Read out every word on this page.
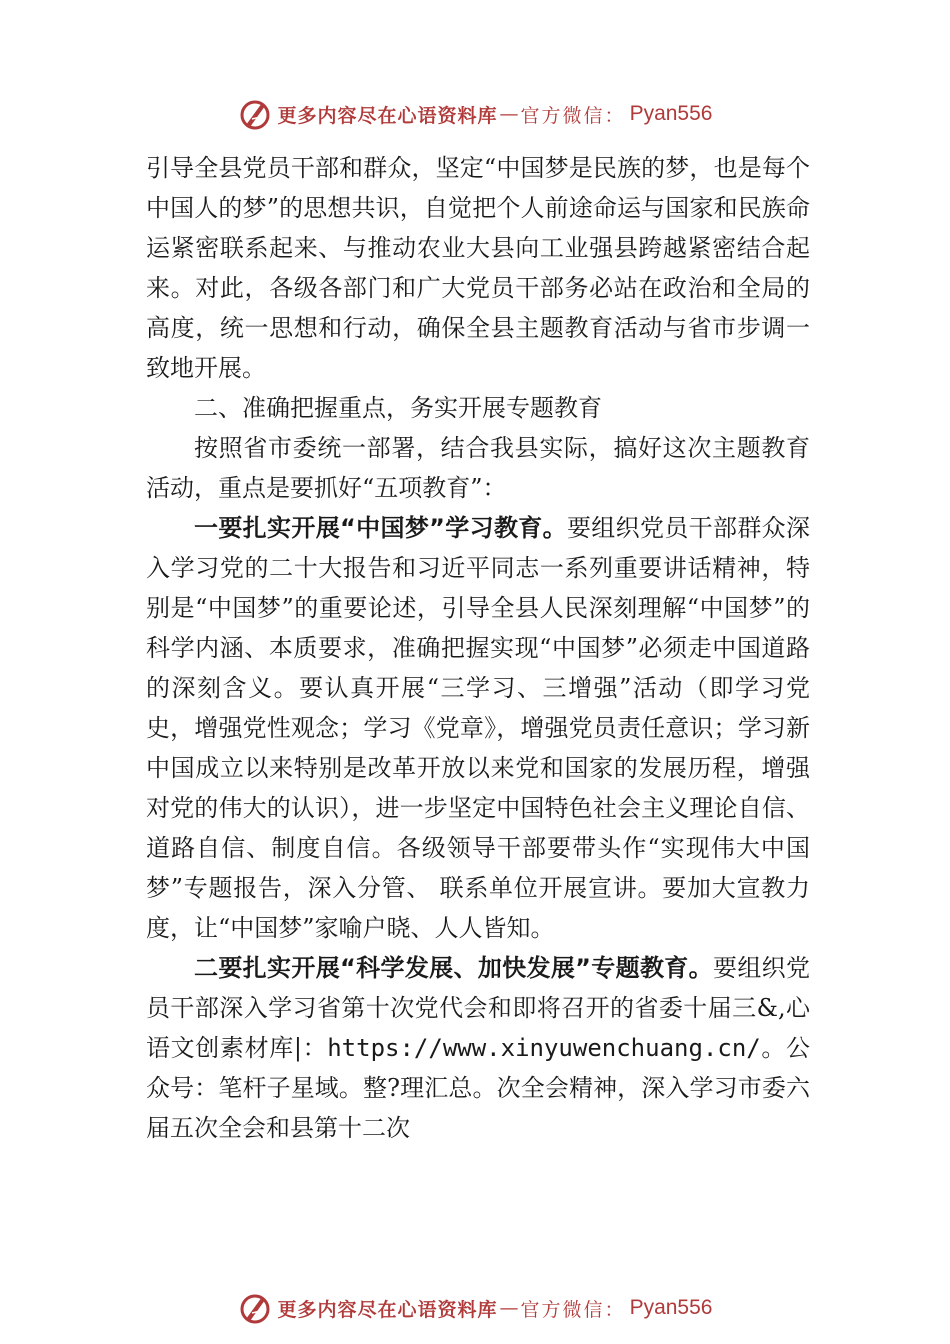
更多内容尽在心语资料库 — 官方微信： Pyan556

引导全县党员干部和群众，坚定“中国梦是民族的梦，也是每个中国人的梦”的思想共识，自觉把个人前途命运与国家和民族命运紧密联系起来、与推动农业大县向工业强县跨越紧密结合起来。对此，各级各部门和广大党员干部务必站在政治和全局的高度，统一思想和行动，确保全县主题教育活动与省市步调一致地开展。

二、准确把握重点，务实开展专题教育

按照省市委统一部署，结合我县实际，搞好这次主题教育活动，重点是要抓好“五项教育”：

一要扎实开展“中国梦”学习教育。要组织党员干部群众深入学习党的二十大报告和习近平同志一系列重要讲话精神，特别是“中国梦”的重要论述，引导全县人民深刻理解“中国梦”的科学内涵、本质要求，准确把握实现“中国梦”必须走中国道路的深刻含义。要认真开展“三学习、三增强”活动（即学习党史，增强党性观念；学习《党章》，增强党员责任意识；学习新中国成立以来特别是改革开放以来党和国家的发展历程，增强对党的伟大的认识），进一步坚定中国特色社会主义理论自信、道路自信、制度自信。各级领导干部要带头作“实现伟大中国梦”专题报告，深入分管、 联系单位开展宣讲。要加大宣教力度，让“中国梦”家喻户晓、人人皆知。

二要扎实开展“科学发展、加快发展”专题教育。要组织党员干部深入学习省第十次党代会和即将召开的省委十届三&,心语文创素材库|：https://www.xinyuwenchuang.cn/。公众号：笔杆子星域。整?理汇总。次全会精神，深入学习市委六届五次全会和县第十二次

更多内容尽在心语资料库 — 官方微信： Pyan556
